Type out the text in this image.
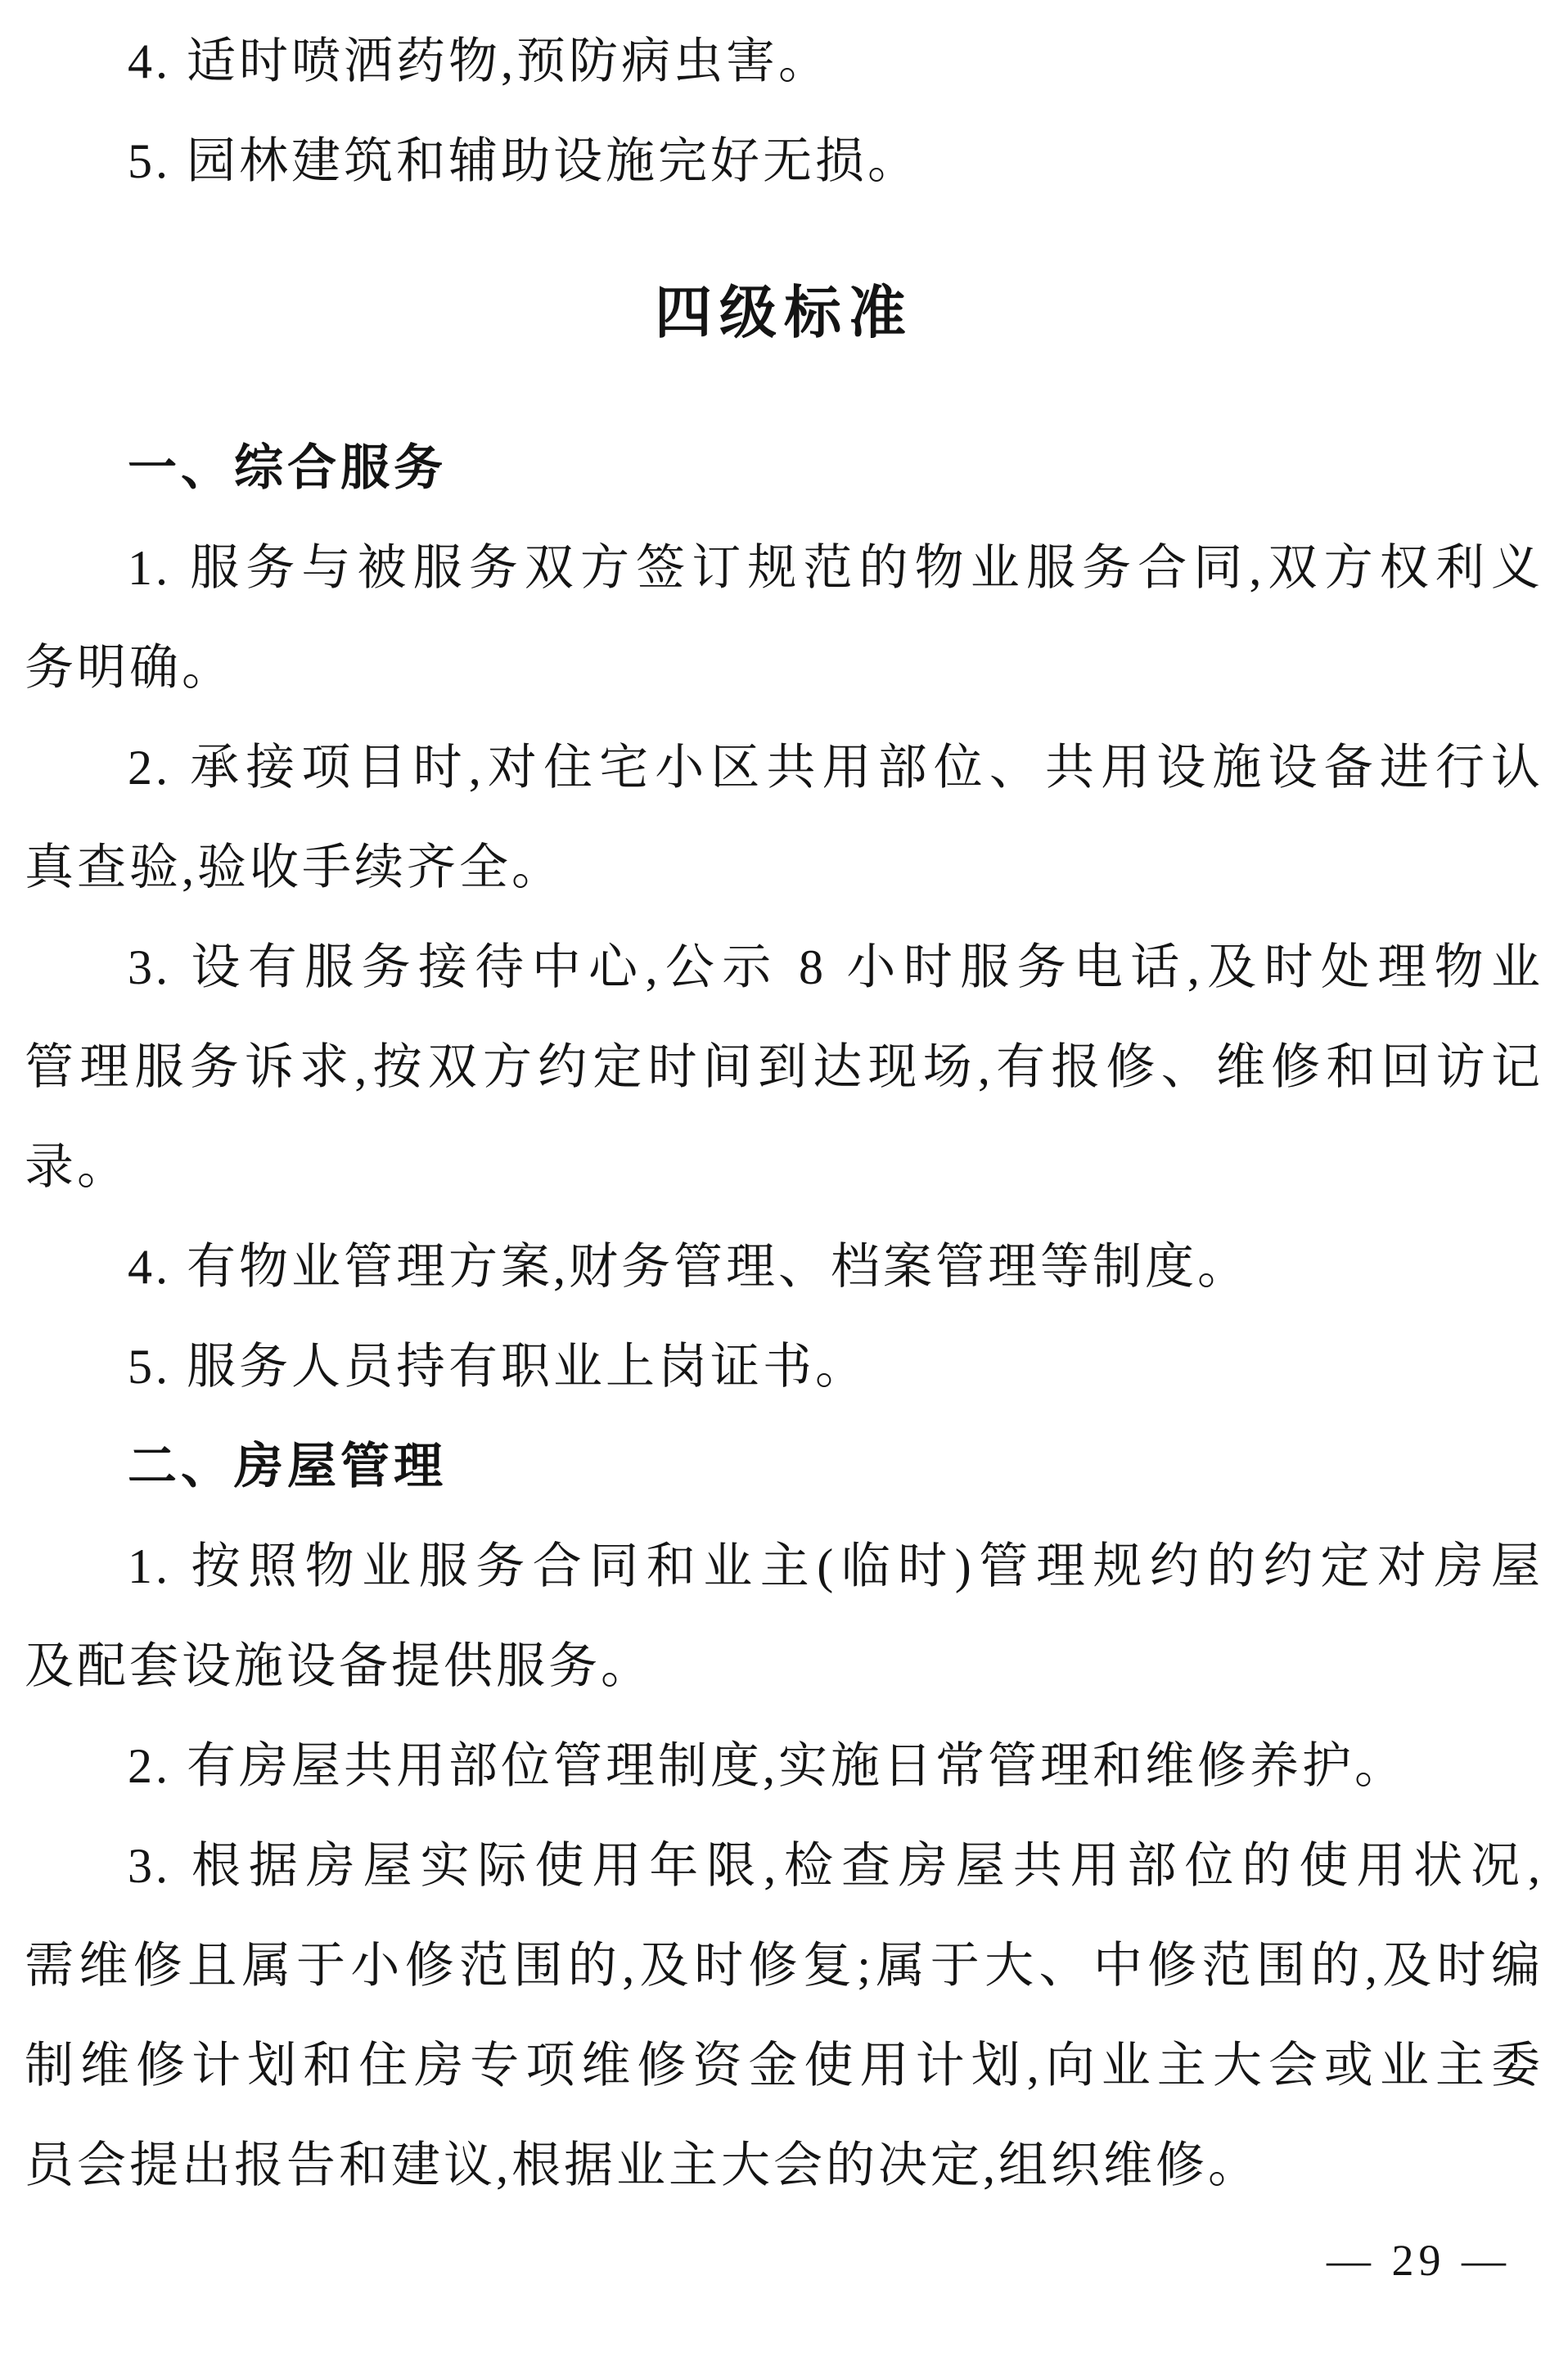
4. 适时喷洒药物,预防病虫害。
5. 园林建筑和辅助设施完好无损。
四级标准
一、综合服务
1. 服务与被服务双方签订规范的物业服务合同,双方权利义
务明确。
2. 承接项目时,对住宅小区共用部位、共用设施设备进行认
真查验,验收手续齐全。
3. 设有服务接待中心,公示 8 小时服务电话,及时处理物业
管理服务诉求,按双方约定时间到达现场,有报修、维修和回访记
录。
4. 有物业管理方案,财务管理、档案管理等制度。
5. 服务人员持有职业上岗证书。
二、房屋管理
1. 按照物业服务合同和业主(临时)管理规约的约定对房屋
及配套设施设备提供服务。
2. 有房屋共用部位管理制度,实施日常管理和维修养护。
3. 根据房屋实际使用年限,检查房屋共用部位的使用状况,
需维修且属于小修范围的,及时修复;属于大、中修范围的,及时编
制维修计划和住房专项维修资金使用计划,向业主大会或业主委
员会提出报告和建议,根据业主大会的决定,组织维修。
— 29 —
